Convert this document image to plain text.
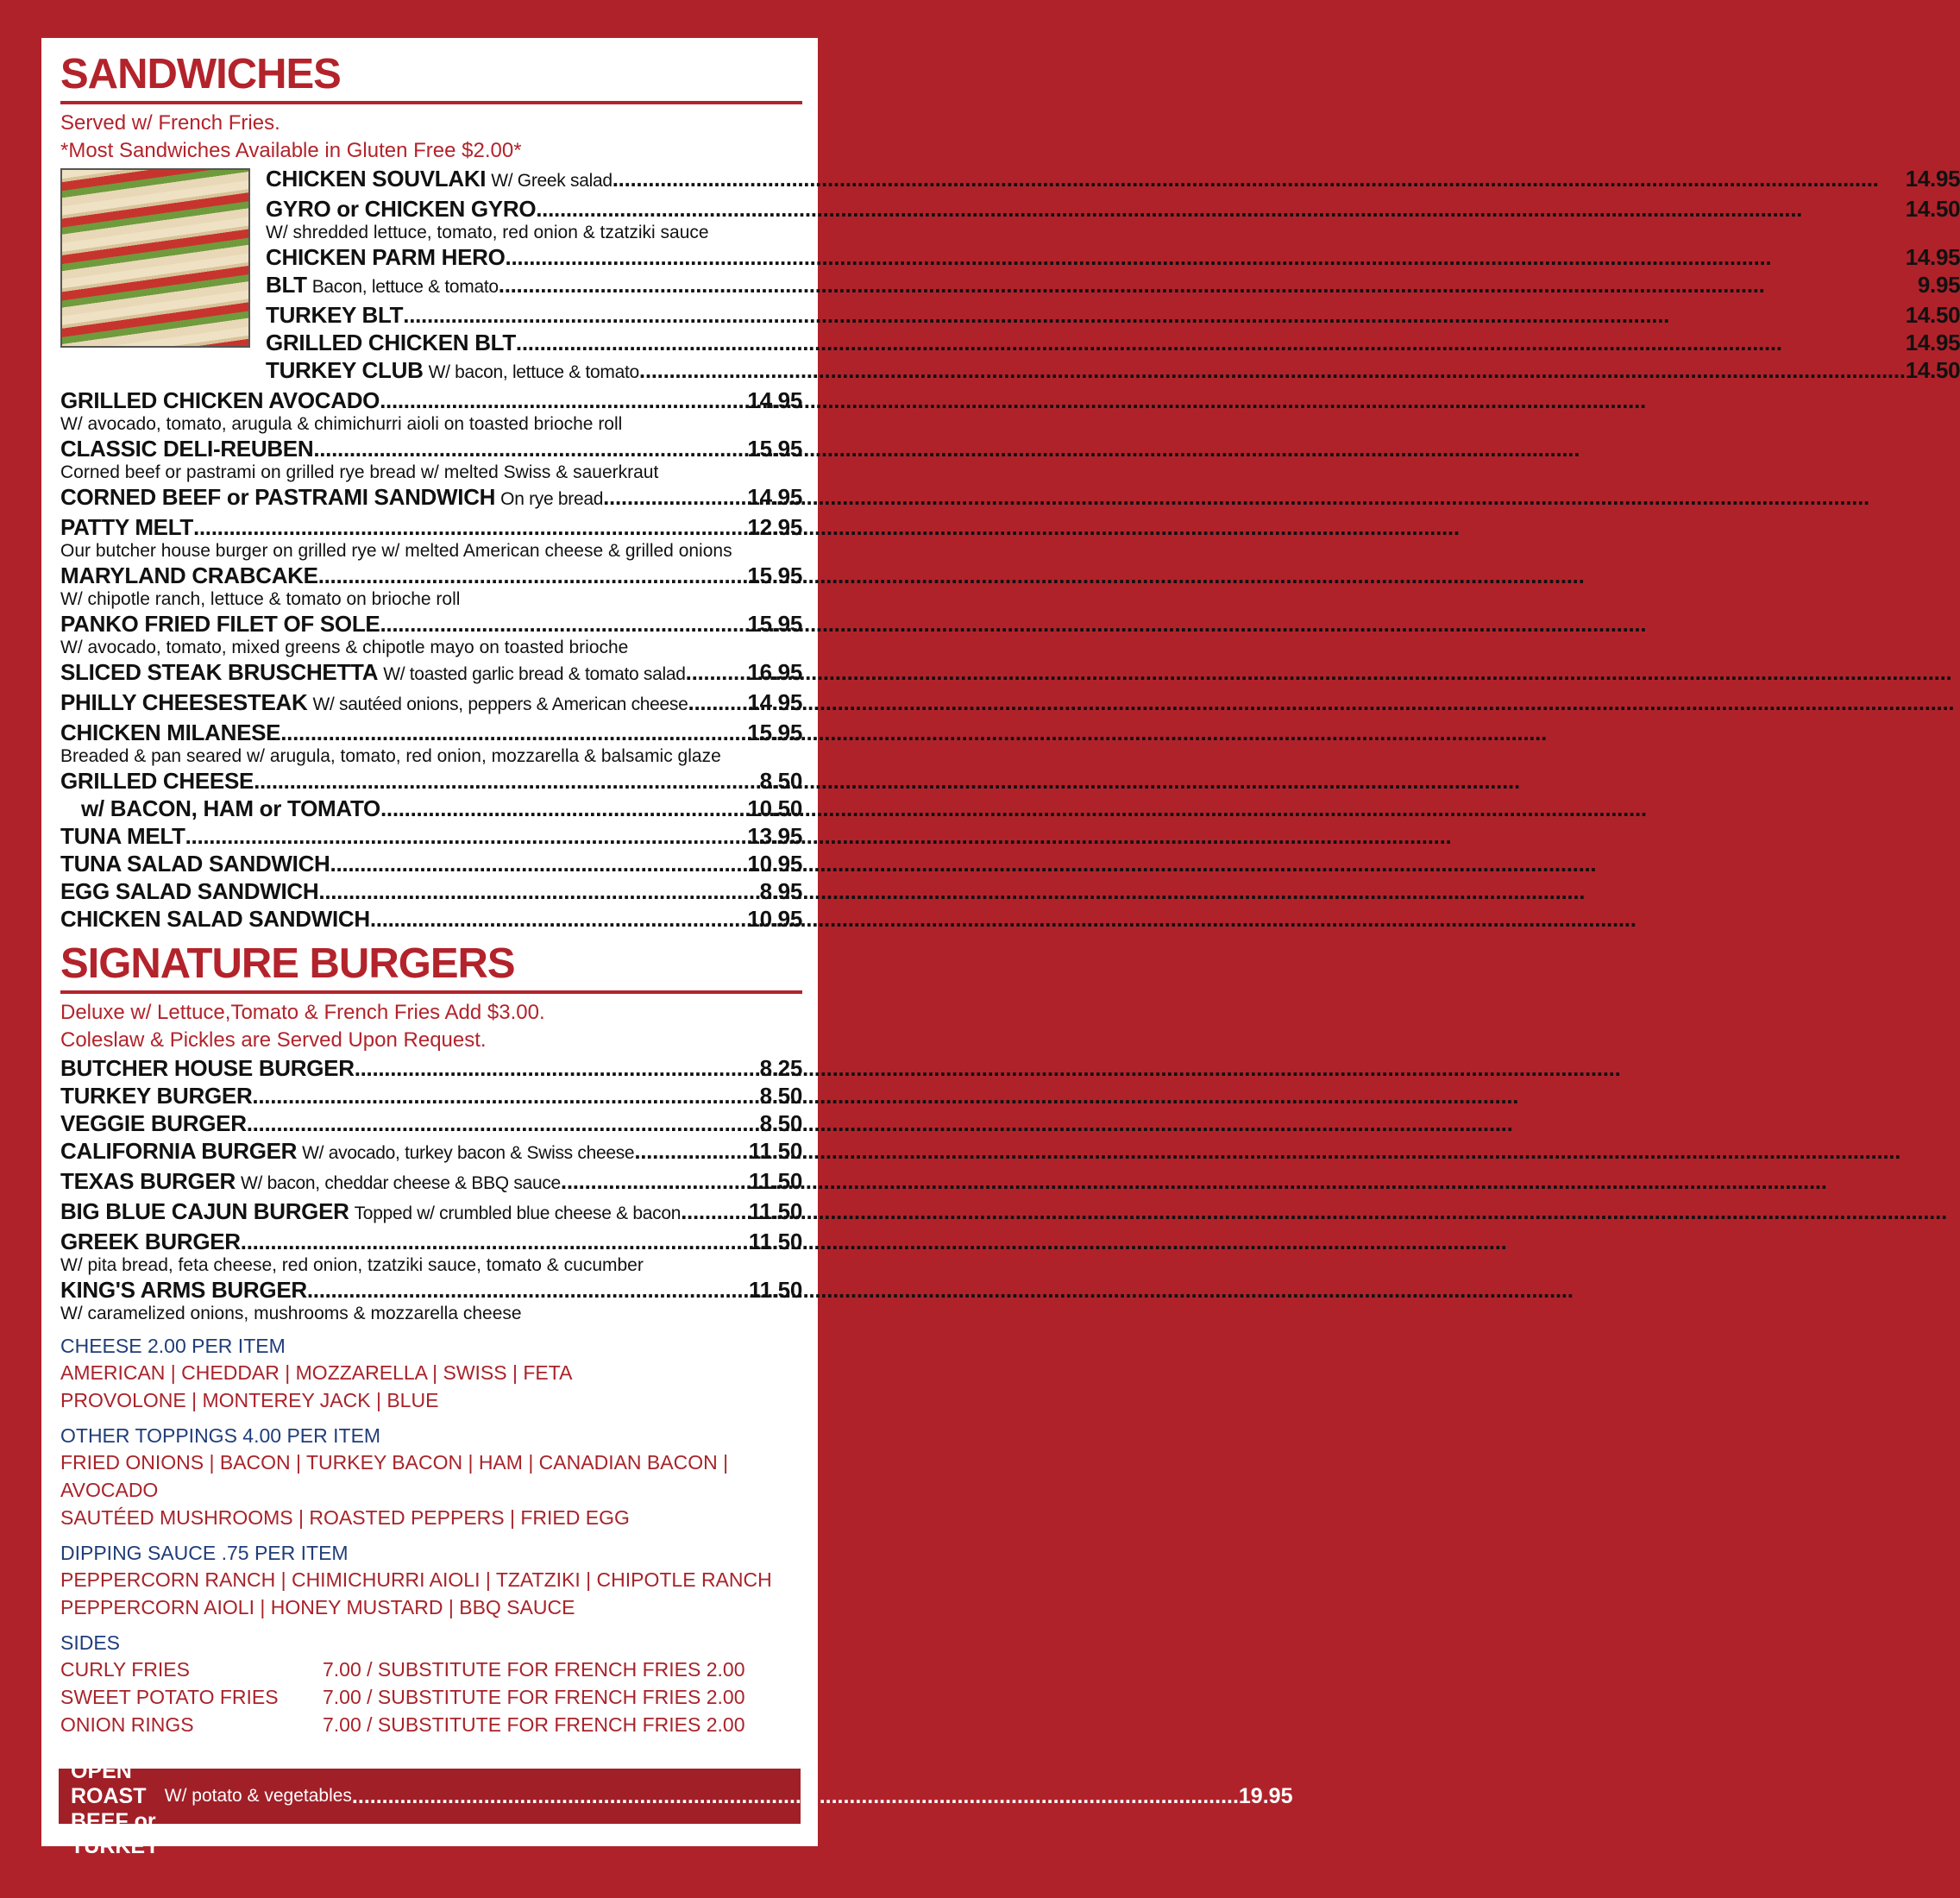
SANDWICHES
Served w/ French Fries.
*Most Sandwiches Available in Gluten Free $2.00*
CHICKEN SOUVLAKI W/ Greek salad .....	14.95
GYRO or CHICKEN GYRO .....	14.50
W/ shredded lettuce, tomato, red onion & tzatziki sauce
CHICKEN PARM HERO .....	14.95
BLT Bacon, lettuce & tomato .....	9.95
TURKEY BLT .....	14.50
GRILLED CHICKEN BLT .....	14.95
TURKEY CLUB W/ bacon, lettuce & tomato .....	14.50
GRILLED CHICKEN AVOCADO .....	14.95
W/ avocado, tomato, arugula & chimichurri aioli on toasted brioche roll
CLASSIC DELI-REUBEN .....	15.95
Corned beef or pastrami on grilled rye bread w/ melted Swiss & sauerkraut
CORNED BEEF or PASTRAMI SANDWICH On rye bread .....	14.95
PATTY MELT .....	12.95
Our butcher house burger on grilled rye w/ melted American cheese & grilled onions
MARYLAND CRABCAKE .....	15.95
W/ chipotle ranch, lettuce & tomato on brioche roll
PANKO FRIED FILET OF SOLE .....	15.95
W/ avocado, tomato, mixed greens & chipotle mayo on toasted brioche
SLICED STEAK BRUSCHETTA W/ toasted garlic bread & tomato salad .....	16.95
PHILLY CHEESESTEAK W/ sautéed onions, peppers & American cheese .....	14.95
CHICKEN MILANESE .....	15.95
Breaded & pan seared w/ arugula, tomato, red onion, mozzarella & balsamic glaze
GRILLED CHEESE .....	8.50
w/ BACON, HAM or TOMATO .....	10.50
TUNA MELT .....	13.95
TUNA SALAD SANDWICH .....	10.95
EGG SALAD SANDWICH .....	8.95
CHICKEN SALAD SANDWICH .....	10.95
SIGNATURE BURGERS
Deluxe w/ Lettuce,Tomato & French Fries Add $3.00.
Coleslaw & Pickles are Served Upon Request.
BUTCHER HOUSE BURGER .....	8.25
TURKEY BURGER .....	8.50
VEGGIE BURGER .....	8.50
CALIFORNIA BURGER W/ avocado, turkey bacon & Swiss cheese .....	11.50
TEXAS BURGER W/ bacon, cheddar cheese & BBQ sauce .....	11.50
BIG BLUE CAJUN BURGER Topped w/ crumbled blue cheese & bacon .....	11.50
GREEK BURGER .....	11.50
W/ pita bread, feta cheese, red onion, tzatziki sauce, tomato & cucumber
KING'S ARMS BURGER .....	11.50
W/ caramelized onions, mushrooms & mozzarella cheese
CHEESE 2.00 PER ITEM
AMERICAN | CHEDDAR | MOZZARELLA | SWISS | FETA
PROVOLONE | MONTEREY JACK | BLUE
OTHER TOPPINGS 4.00 PER ITEM
FRIED ONIONS | BACON | TURKEY BACON | HAM | CANADIAN BACON | AVOCADO
SAUTÉED MUSHROOMS | ROASTED PEPPERS | FRIED EGG
DIPPING SAUCE .75 PER ITEM
PEPPERCORN RANCH | CHIMICHURRI AIOLI | TZATZIKI | CHIPOTLE RANCH
PEPPERCORN AIOLI | HONEY MUSTARD | BBQ SAUCE
SIDES
CURLY FRIES	7.00 / SUBSTITUTE FOR FRENCH FRIES 2.00
SWEET POTATO FRIES	7.00 / SUBSTITUTE FOR FRENCH FRIES 2.00
ONION RINGS	7.00 / SUBSTITUTE FOR FRENCH FRIES 2.00
HOT OPEN ROAST BEEF or TURKEY
W/ potato & vegetables .....	19.95
